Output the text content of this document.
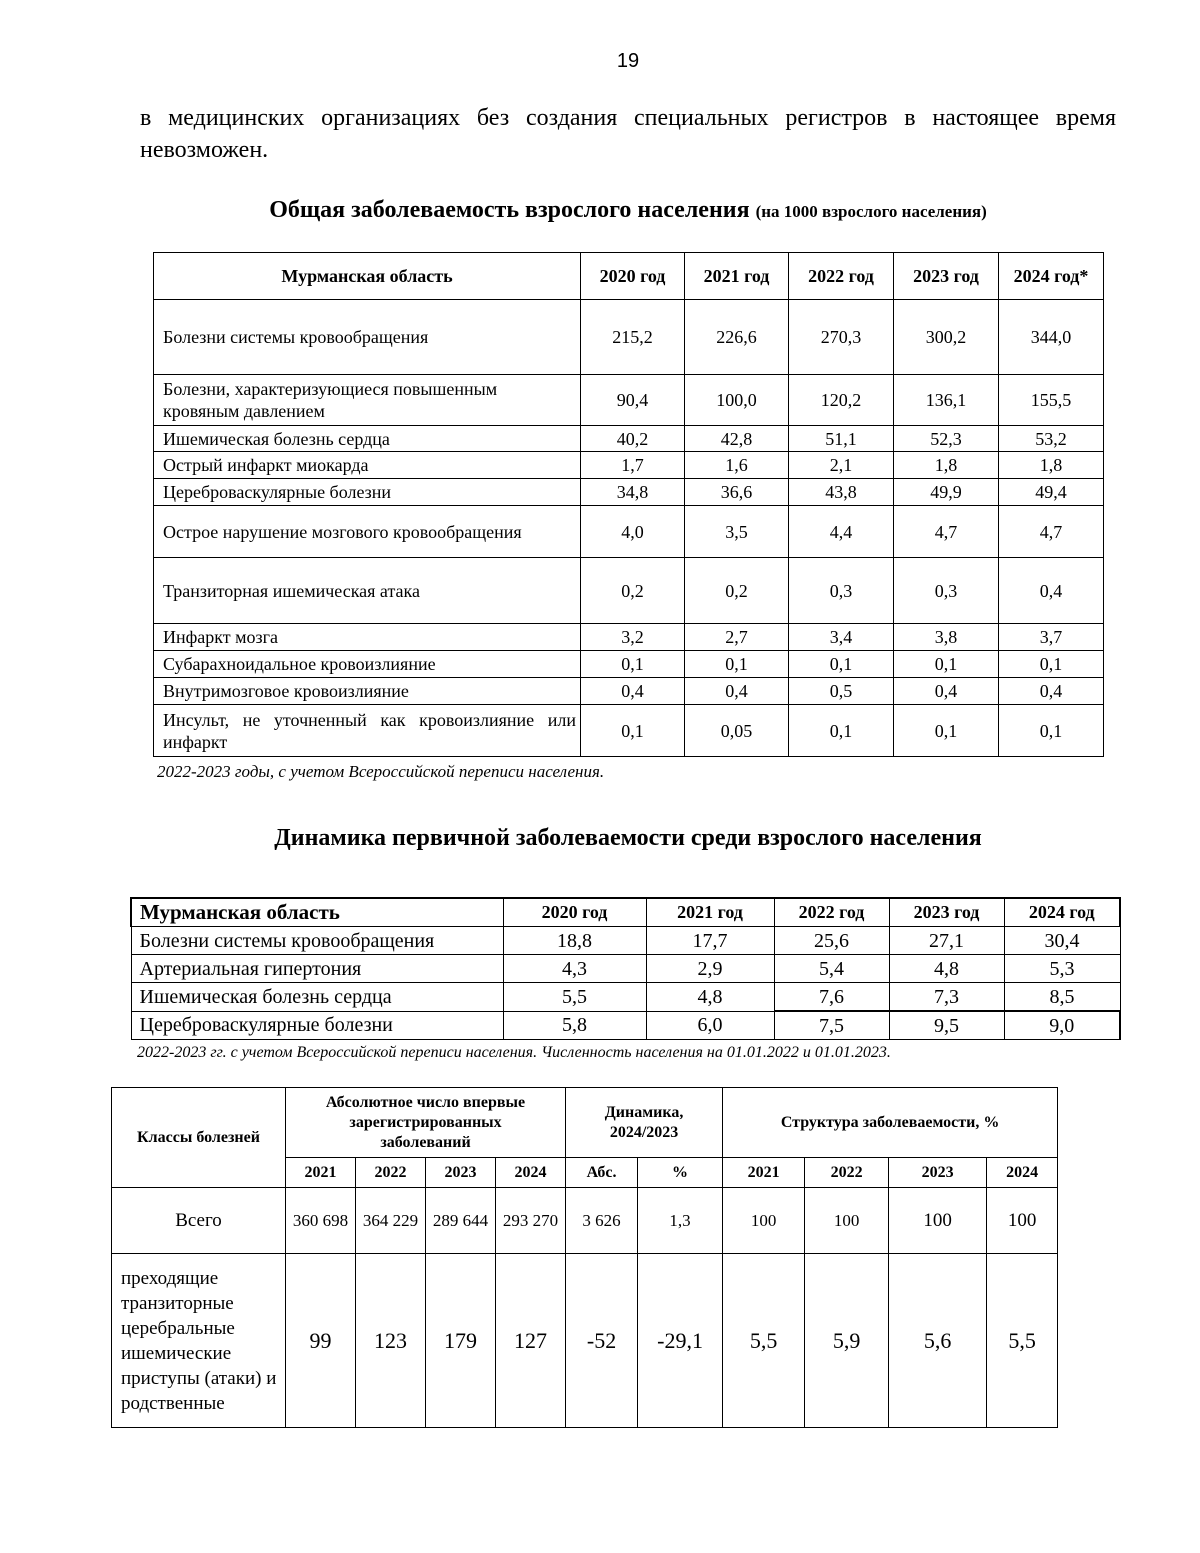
19
в медицинских организациях без создания специальных регистров в настоящее время невозможен.
Общая заболеваемость взрослого населения (на 1000 взрослого населения)
Мурманская область	2020 год	2021 год	2022 год	2023 год	2024 год*
Болезни системы кровообращения	215,2	226,6	270,3	300,2	344,0
Болезни, характеризующиеся повышенным кровяным давлением	90,4	100,0	120,2	136,1	155,5
Ишемическая болезнь сердца	40,2	42,8	51,1	52,3	53,2
Острый инфаркт миокарда	1,7	1,6	2,1	1,8	1,8
Цереброваскулярные болезни	34,8	36,6	43,8	49,9	49,4
Острое нарушение мозгового кровообращения	4,0	3,5	4,4	4,7	4,7
Транзиторная ишемическая атака	0,2	0,2	0,3	0,3	0,4
Инфаркт мозга	3,2	2,7	3,4	3,8	3,7
Субарахноидальное кровоизлияние	0,1	0,1	0,1	0,1	0,1
Внутримозговое кровоизлияние	0,4	0,4	0,5	0,4	0,4
Инсульт, не уточненный как кровоизлияние или инфаркт	0,1	0,05	0,1	0,1	0,1
2022-2023 годы, с учетом Всероссийской переписи населения.
Динамика первичной заболеваемости среди взрослого населения
Мурманская область	2020 год	2021 год	2022 год	2023 год	2024 год
Болезни системы кровообращения	18,8	17,7	25,6	27,1	30,4
Артериальная гипертония	4,3	2,9	5,4	4,8	5,3
Ишемическая болезнь сердца	5,5	4,8	7,6	7,3	8,5
Цереброваскулярные болезни	5,8	6,0	7,5	9,5	9,0
2022-2023 гг. с учетом Всероссийской переписи населения. Численность населения на 01.01.2022 и 01.01.2023.
Классы болезней	Абсолютное число впервые зарегистрированных заболеваний				Динамика, 2024/2023		Структура заболеваемости, %			
	2021	2022	2023	2024	Абс.	%	2021	2022	2023	2024
Всего	360 698	364 229	289 644	293 270	3 626	1,3	100	100	100	100
преходящие транзиторные церебральные ишемические приступы (атаки) и родственные	99	123	179	127	-52	-29,1	5,5	5,9	5,6	5,5
